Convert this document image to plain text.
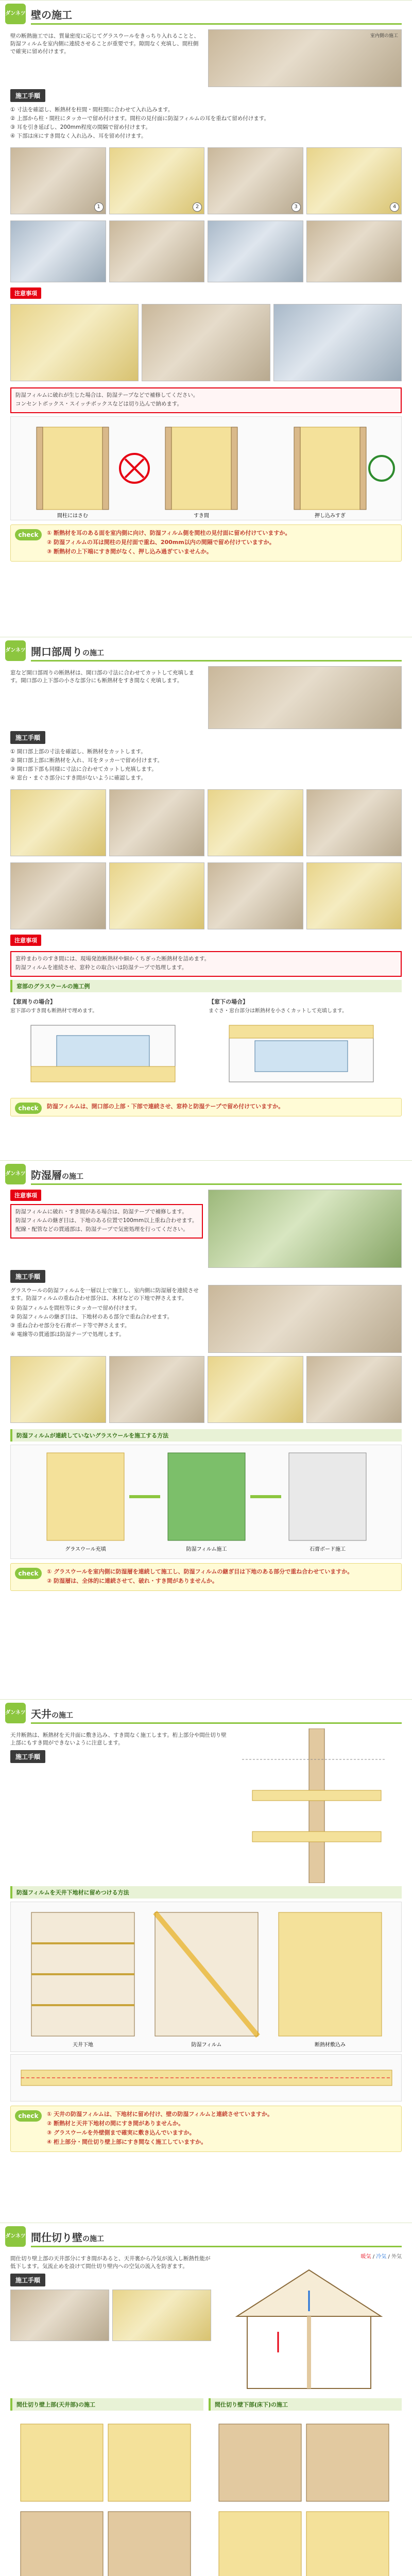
ダンネツ 壁の施工
壁の断熱施工では、質量密度に応じてグラスウールをきっちり入れることと、防湿フィルムを室内側に連続させることが重要です。隙間なく充填し、間柱側で確実に留め付けます。
室内側の施工
施工手順

① 寸法を確認し、断熱材を柱間・間柱間に合わせて入れ込みます。

② 上部から柱・間柱にタッカーで留め付けます。間柱の見付面に防湿フィルムの耳を重ねて留め付けます。

③ 耳を引き延ばし、200mm程度の間隔で留め付けます。

④ 下部は床にすき間なく入れ込み、耳を留め付けます。

1	2	3	4
注意事項

防湿フィルムに破れが生じた場合は、防湿テープなどで補修してください。

コンセントボックス・スイッチボックスなどは切り込んで納めます。

間柱にはさむ	すき間	押し込みすぎ
check	① 断熱材を耳のある面を室内側に向け、防湿フィルム側を間柱の見付面に留め付けていますか。

② 防湿フィルムの耳は間柱の見付面で重ね、200mm以内の間隔で留め付けていますか。

③ 断熱材の上下端にすき間がなく、押し込み過ぎていませんか。

ダンネツ 開口部周りの施工
窓など開口部周りの断熱材は、開口部の寸法に合わせてカットして充填します。開口部の上下部の小さな部分にも断熱材をすき間なく充填します。
施工手順

① 開口部上部の寸法を確認し、断熱材をカットします。

② 開口部上部に断熱材を入れ、耳をタッカーで留め付けます。

③ 開口部下部も同様に寸法に合わせてカットし充填します。

④ 窓台・まぐさ部分にすき間がないように確認します。

注意事項

窓枠まわりのすき間には、現場発泡断熱材や細かくちぎった断熱材を詰めます。

防湿フィルムを連続させ、窓枠との取合いは防湿テープで処理します。

窓部のグラスウールの施工例
【窓周りの場合】
窓下部のすき間も断熱材で埋めます。
【窓下の場合】
まぐさ・窓台部分は断熱材を小さくカットして充填します。
check	防湿フィルムは、開口部の上部・下部で連続させ、窓枠と防湿テープで留め付けていますか。

ダンネツ 防湿層の施工
注意事項

防湿フィルムに破れ・すき間がある場合は、防湿テープで補修します。

防湿フィルムの継ぎ目は、下地のある位置で100mm以上重ね合わせます。

配線・配管などの貫通部は、防湿テープで気密処理を行ってください。

施工手順
グラスウールの防湿フィルムを一層以上で施工し、室内側に防湿層を連続させます。防湿フィルムの重ね合わせ部分は、木材などの下地で押さえます。

① 防湿フィルムを間柱等にタッカーで留め付けます。

② 防湿フィルムの継ぎ目は、下地材のある部分で重ね合わせます。

③ 重ね合わせ部分を石膏ボード等で押さえます。

④ 電線等の貫通部は防湿テープで処理します。

防湿フィルムが連続していないグラスウールを施工する方法
グラスウール充填	防湿フィルム施工	石膏ボード施工
check	① グラスウールを室内側に防湿層を連続して施工し、防湿フィルムの継ぎ目は下地のある部分で重ね合わせていますか。

② 防湿層は、全体的に連続させて、破れ・すき間がありませんか。

ダンネツ 天井の施工
天井断熱は、断熱材を天井面に敷き込み、すき間なく施工します。桁上部分や間仕切り壁上部にもすき間ができないように注意します。
施工手順
防湿フィルムを天井下地材に留めつける方法
天井下地	防湿フィルム	断熱材敷込み
check	① 天井の防湿フィルムは、下地材に留め付け、壁の防湿フィルムと連続させていますか。

② 断熱材と天井下地材の間にすき間がありませんか。

③ グラスウールを外壁側まで確実に敷き込んでいますか。

④ 桁上部分・間仕切り壁上部にすき間なく施工していますか。

ダンネツ 間仕切り壁の施工
間仕切り壁上部の天井部分にすき間があると、天井裏から冷気が流入し断熱性能が低下します。気流止めを設けて間仕切り壁内への空気の流入を防ぎます。
施工手順
暖気 / 冷気 / 外気
間仕切り壁上部(天井部)の施工	間仕切り壁下部(床下)の施工
